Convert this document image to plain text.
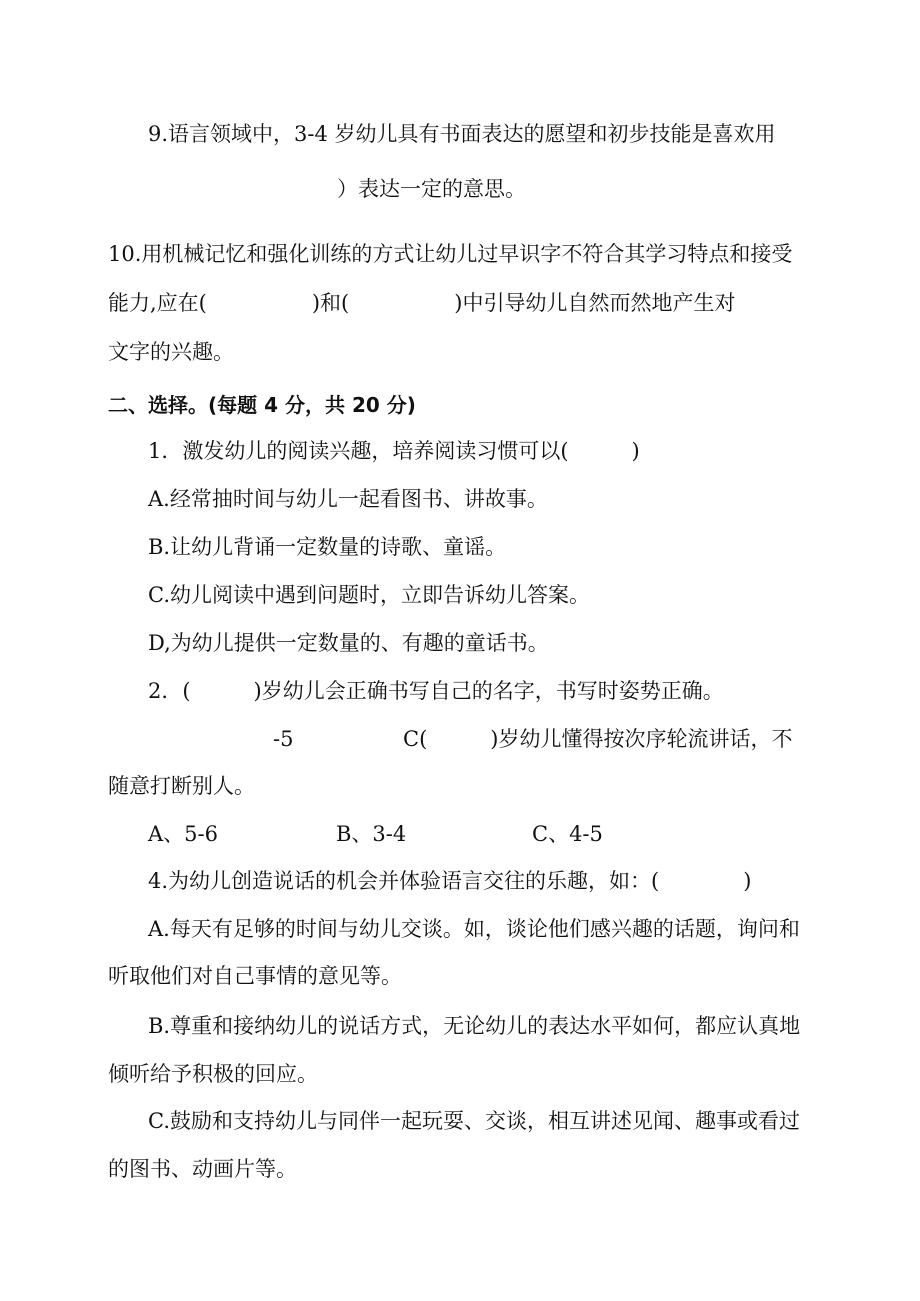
9.语言领域中，3-4 岁幼儿具有书面表达的愿望和初步技能是喜欢用
）表达一定的意思。
10.用机械记忆和强化训练的方式让幼儿过早识字不符合其学习特点和接受
能力,应在(　　　　　)和(　　　　　)中引导幼儿自然而然地产生对
文字的兴趣。
二、选择。(每题 4 分，共 20 分)
1．激发幼儿的阅读兴趣，培养阅读习惯可以(　　　)
A.经常抽时间与幼儿一起看图书、讲故事。
B.让幼儿背诵一定数量的诗歌、童谣。
C.幼儿阅读中遇到问题时，立即告诉幼儿答案。
D,为幼儿提供一定数量的、有趣的童话书。
2．(　　　)岁幼儿会正确书写自己的名字，书写时姿势正确。
-5	C(　　　)岁幼儿懂得按次序轮流讲话，不
随意打断别人。
A、5-6	B、3-4	C、4-5
4.为幼儿创造说话的机会并体验语言交往的乐趣，如：(　　　　)
A.每天有足够的时间与幼儿交谈。如，谈论他们感兴趣的话题，询问和
听取他们对自己事情的意见等。
B.尊重和接纳幼儿的说话方式，无论幼儿的表达水平如何，都应认真地
倾听给予积极的回应。
C.鼓励和支持幼儿与同伴一起玩耍、交谈，相互讲述见闻、趣事或看过
的图书、动画片等。
